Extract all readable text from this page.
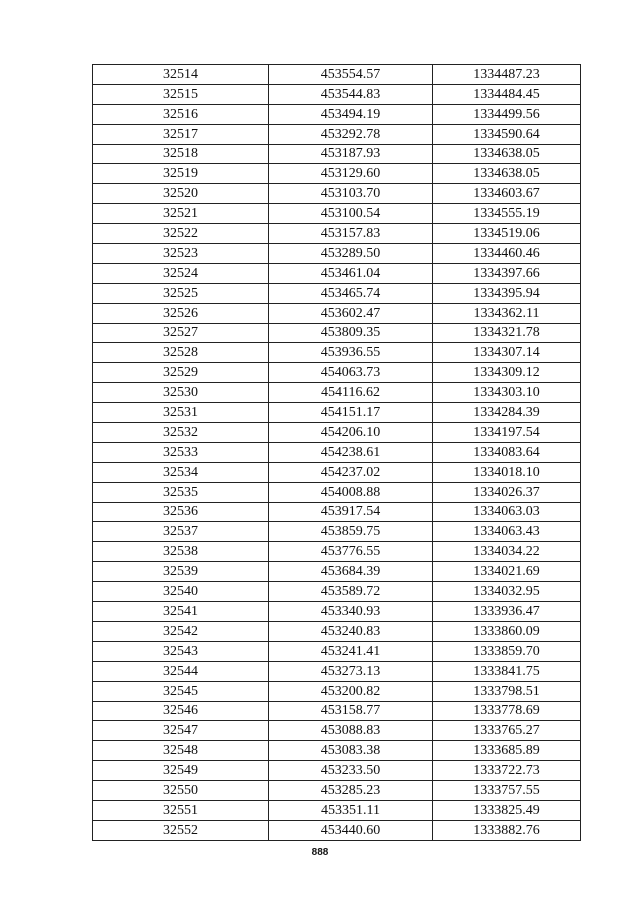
32514	453554.57	1334487.23
32515	453544.83	1334484.45
32516	453494.19	1334499.56
32517	453292.78	1334590.64
32518	453187.93	1334638.05
32519	453129.60	1334638.05
32520	453103.70	1334603.67
32521	453100.54	1334555.19
32522	453157.83	1334519.06
32523	453289.50	1334460.46
32524	453461.04	1334397.66
32525	453465.74	1334395.94
32526	453602.47	1334362.11
32527	453809.35	1334321.78
32528	453936.55	1334307.14
32529	454063.73	1334309.12
32530	454116.62	1334303.10
32531	454151.17	1334284.39
32532	454206.10	1334197.54
32533	454238.61	1334083.64
32534	454237.02	1334018.10
32535	454008.88	1334026.37
32536	453917.54	1334063.03
32537	453859.75	1334063.43
32538	453776.55	1334034.22
32539	453684.39	1334021.69
32540	453589.72	1334032.95
32541	453340.93	1333936.47
32542	453240.83	1333860.09
32543	453241.41	1333859.70
32544	453273.13	1333841.75
32545	453200.82	1333798.51
32546	453158.77	1333778.69
32547	453088.83	1333765.27
32548	453083.38	1333685.89
32549	453233.50	1333722.73
32550	453285.23	1333757.55
32551	453351.11	1333825.49
32552	453440.60	1333882.76
888
